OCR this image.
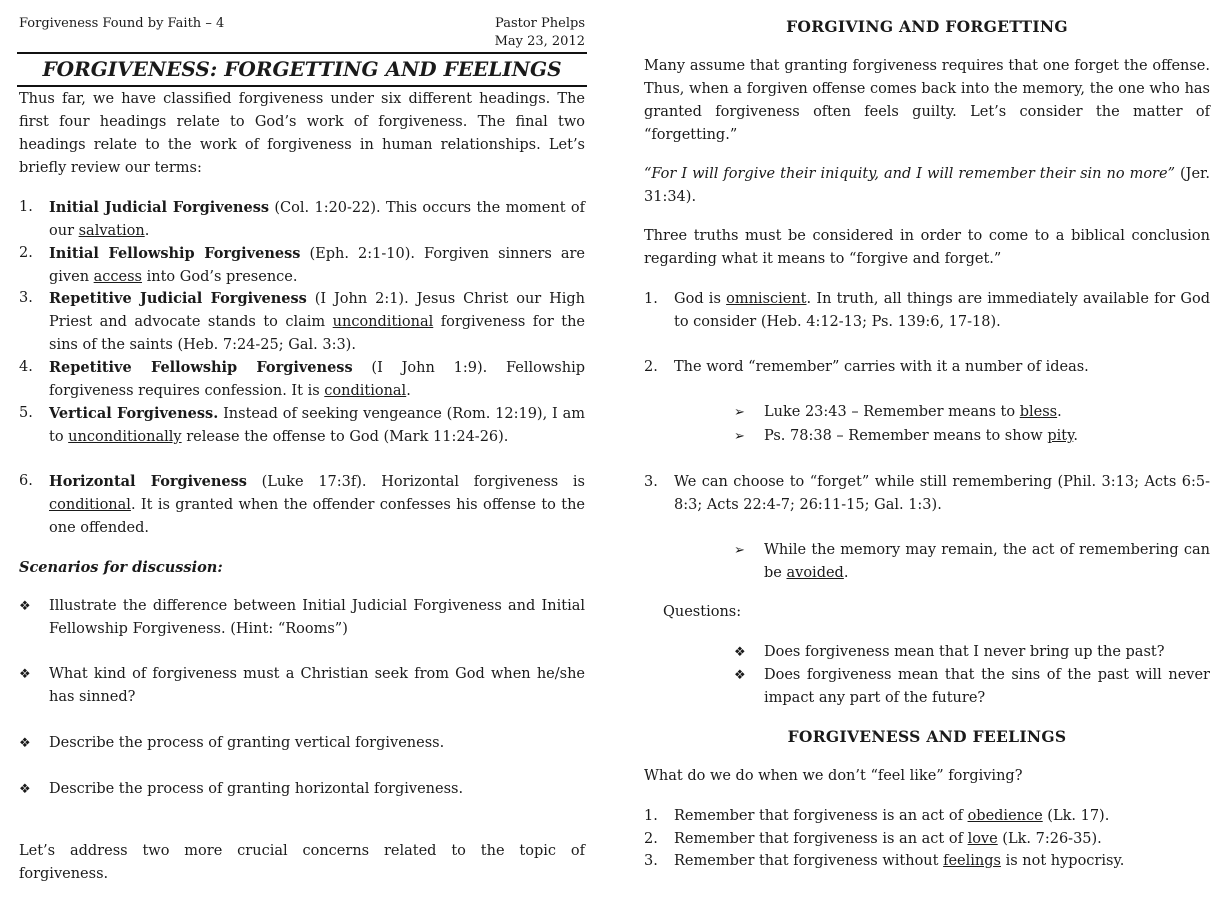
Forgiveness Found by Faith – 4	Pastor Phelps
May 23, 2012
FORGIVENESS: FORGETTING AND FEELINGS

Thus far, we have classified forgiveness under six different headings. The first four headings relate to God’s work of forgiveness. The final two headings relate to the work of forgiveness in human relationships. Let’s briefly review our terms:

1.	Initial Judicial Forgiveness (Col. 1:20-22). This occurs the moment of our salvation.
2.	Initial Fellowship Forgiveness (Eph. 2:1-10). Forgiven sinners are given access into God’s presence.
3.	Repetitive Judicial Forgiveness (I John 2:1). Jesus Christ our High Priest and advocate stands to claim unconditional forgiveness for the sins of the saints (Heb. 7:24-25; Gal. 3:3).
4.	Repetitive Fellowship Forgiveness (I John 1:9). Fellowship forgiveness requires confession. It is conditional.
5.	Vertical Forgiveness. Instead of seeking vengeance (Rom. 12:19), I am to unconditionally release the offense to God (Mark 11:24-26).
6.	Horizontal Forgiveness (Luke 17:3f). Horizontal forgiveness is conditional. It is granted when the offender confesses his offense to the one offended.

Scenarios for discussion:

❖	Illustrate the difference between Initial Judicial Forgiveness and Initial Fellowship Forgiveness. (Hint: “Rooms”)
❖	What kind of forgiveness must a Christian seek from God when he/she has sinned?
❖	Describe the process of granting vertical forgiveness.
❖	Describe the process of granting horizontal forgiveness.

Let’s address two more crucial concerns related to the topic of forgiveness.

FORGIVING AND FORGETTING

Many assume that granting forgiveness requires that one forget the offense. Thus, when a forgiven offense comes back into the memory, the one who has granted forgiveness often feels guilty. Let’s consider the matter of “forgetting.”

“For I will forgive their iniquity, and I will remember their sin no more” (Jer. 31:34).

Three truths must be considered in order to come to a biblical conclusion regarding what it means to “forgive and forget.”

1.	God is omniscient. In truth, all things are immediately available for God to consider (Heb. 4:12-13; Ps. 139:6, 17-18).
2.	The word “remember” carries with it a number of ideas.
➢	Luke 23:43 – Remember means to bless.
➢	Ps. 78:38 – Remember means to show pity.
3.	We can choose to “forget” while still remembering (Phil. 3:13; Acts 6:5-8:3; Acts 22:4-7; 26:11-15; Gal. 1:3).
➢	While the memory may remain, the act of remembering can be avoided.

Questions:

❖	Does forgiveness mean that I never bring up the past?
❖	Does forgiveness mean that the sins of the past will never impact any part of the future?
FORGIVENESS AND FEELINGS

What do we do when we don’t “feel like” forgiving?

1.	Remember that forgiveness is an act of obedience (Lk. 17).
2.	Remember that forgiveness is an act of love (Lk. 7:26-35).
3.	Remember that forgiveness without feelings is not hypocrisy.
